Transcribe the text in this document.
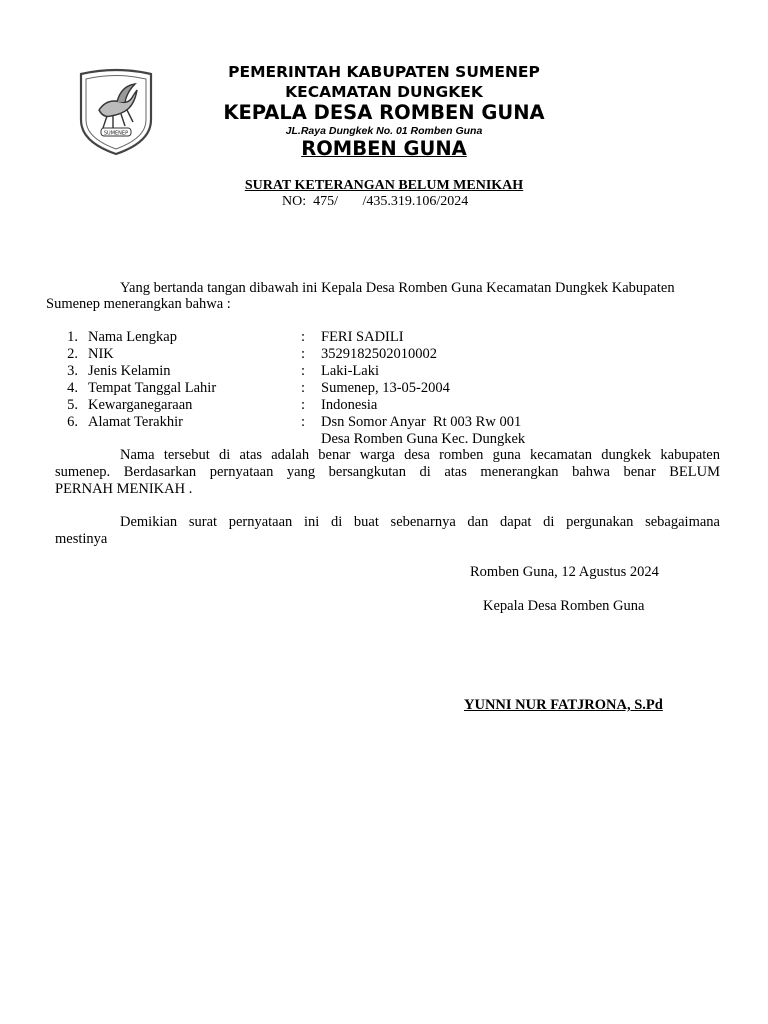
SUMENEP
PEMERINTAH KABUPATEN SUMENEP
KECAMATAN DUNGKEK
KEPALA DESA ROMBEN GUNA
JL.Raya Dungkek No. 01 Romben Guna
ROMBEN GUNA
SURAT KETERANGAN BELUM MENIKAH
NO:  475/       /435.319.106/2024
Yang bertanda tangan dibawah ini Kepala Desa Romben Guna Kecamatan Dungkek Kabupaten
Sumenep menerangkan bahwa :
1. Nama Lengkap	: FERI SADILI
2. NIK	: 3529182502010002
3. Jenis Kelamin	: Laki-Laki
4. Tempat Tanggal Lahir	: Sumenep, 13-05-2004
5. Kewarganegaraan	: Indonesia
6. Alamat Terakhir	: Dsn Somor Anyar  Rt 003 Rw 001
Desa Romben Guna Kec. Dungkek
Nama tersebut di atas adalah benar warga desa romben guna kecamatan dungkek kabupaten
sumenep. Berdasarkan pernyataan yang bersangkutan di atas menerangkan bahwa benar BELUM
PERNAH MENIKAH .
Demikian surat pernyataan ini di buat sebenarnya dan dapat di pergunakan sebagaimana
mestinya
Romben Guna, 12 Agustus 2024
Kepala Desa Romben Guna
YUNNI NUR FATJRONA, S.Pd
